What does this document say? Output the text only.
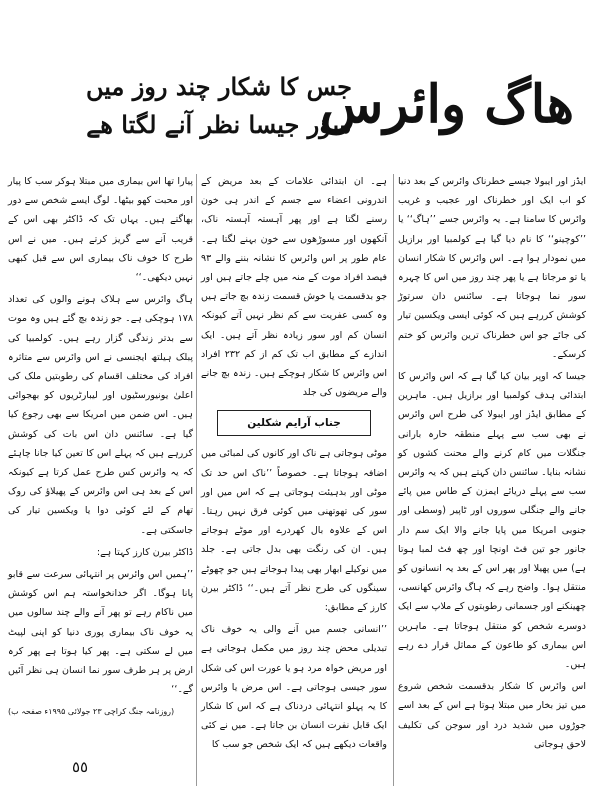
ھاگ وائرس
جس کا شکار چند روز میں
سؤر جیسا نظر آنے لگتا ھے

ایڈز اور ایبولا جیسے خطرناک وائرس کے بعد دنیا کو اب ایک اور خطرناک اور عجیب و غریب وائرس کا سامنا ہے۔ یہ وائرس جسے ’’ہاگ‘‘ یا ’’کوچینو‘‘ کا نام دیا گیا ہے کولمبیا اور برازیل میں نمودار ہوا ہے۔ اس وائرس کا شکار انسان یا تو مرجاتا ہے یا پھر چند روز میں اس کا چہرہ سور نما ہوجاتا ہے۔ سائنس دان سرتوڑ کوشش کررہے ہیں کہ کوئی ایسی ویکسین تیار کی جائے جو اس خطرناک ترین وائرس کو ختم کرسکے۔

جیسا کہ اوپر بیان کیا گیا ہے کہ اس وائرس کا ابتدائی ہدف کولمبیا اور برازیل ہیں۔ ماہرین کے مطابق ایڈز اور ایبولا کی طرح اس وائرس نے بھی سب سے پہلے منطقہ حارہ بارانی جنگلات میں کام کرنے والے محنت کشوں کو نشانہ بنایا۔ سائنس دان کہتے ہیں کہ یہ وائرس سب سے پہلے دریائے ایمزن کے طاس میں پائے جانے والے جنگلی سوروں اور ٹاپیر (وسطی اور جنوبی امریکا میں پایا جانے والا ایک سم دار جانور جو تین فٹ اونچا اور چھ فٹ لمبا ہوتا ہے) میں پھیلا اور پھر اس کے بعد یہ انسانوں کو منتقل ہوا۔ واضح رہے کہ ہاگ وائرس کھانسی، چھینکنے اور جسمانی رطوبتوں کے ملاپ سے ایک دوسرے شخص کو منتقل ہوجاتا ہے۔ ماہرین اس بیماری کو طاعون کے مماثل قرار دے رہے ہیں۔

اس وائرس کا شکار بدقسمت شخص شروع میں تیز بخار میں مبتلا ہوتا ہے اس کے بعد اسے جوڑوں میں شدید درد اور سوجن کی تکلیف لاحق ہوجاتی

ہے۔ ان ابتدائی علامات کے بعد مریض کے اندرونی اعضاء سے جسم کے اندر ہی خون رسنے لگتا ہے اور پھر آہستہ آہستہ ناک، آنکھوں اور مسوڑھوں سے خون بہنے لگتا ہے۔ عام طور پر اس وائرس کا نشانہ بننے والے ۹۳ فیصد افراد موت کے منہ میں چلے جاتے ہیں اور جو بدقسمت یا خوش قسمت زندہ بچ جاتے ہیں وہ کسی عفریت سے کم نظر نہیں آتے کیونکہ انسان کم اور سور زیادہ نظر آتے ہیں۔ ایک اندازے کے مطابق اب تک کم از کم ۲۳۲ افراد اس وائرس کا شکار ہوچکے ہیں۔ زندہ بچ جانے والے مریضوں کی جلد

جناب آرایم شکلین

موٹی ہوجاتی ہے ناک اور کانوں کی لمبائی میں اضافہ ہوجاتا ہے۔ خصوصاً ’’ناک اس حد تک موٹی اور بدہیئت ہوجاتی ہے کہ اس میں اور سور کی تھوتھنی میں کوئی فرق نہیں رہتا۔ اس کے علاوہ بال کھردرے اور موٹے ہوجاتے ہیں۔ ان کی رنگت بھی بدل جاتی ہے۔ جلد میں نوکیلے ابھار بھی پیدا ہوجاتے ہیں جو چھوٹے سینگوں کی طرح نظر آتے ہیں۔‘‘ ڈاکٹر بیرن کارز کے مطابق:

’’انسانی جسم میں آنے والی یہ خوف ناک تبدیلی محض چند روز میں مکمل ہوجاتی ہے اور مریض خواہ مرد ہو یا عورت اس کی شکل سور جیسی ہوجاتی ہے۔ اس مرض یا وائرس کا یہ پہلو انتہائی دردناک ہے کہ اس کا شکار ایک قابل نفرت انسان بن جاتا ہے۔ میں نے کئی واقعات دیکھے ہیں کہ ایک شخص جو سب کا

پیارا تھا اس بیماری میں مبتلا ہوکر سب کا پیار اور محبت کھو بیٹھا۔ لوگ ایسے شخص سے دور بھاگتے ہیں۔ یہاں تک کہ ڈاکٹر بھی اس کے قریب آنے سے گریز کرتے ہیں۔ میں نے اس طرح کا خوف ناک بیماری اس سے قبل کبھی نہیں دیکھی۔‘‘

ہاگ وائرس سے ہلاک ہونے والوں کی تعداد ۱۷۸ ہوچکی ہے۔ جو زندہ بچ گئے ہیں وہ موت سے بدتر زندگی گزار رہے ہیں۔ کولمبیا کی پبلک ہیلتھ ایجنسی نے اس وائرس سے متاثرہ افراد کی مختلف اقسام کی رطوبتیں ملک کی اعلیٰ یونیورسٹیوں اور لیبارٹریوں کو بھجوائی ہیں۔ اس ضمن میں امریکا سے بھی رجوع کیا گیا ہے۔ سائنس دان اس بات کی کوشش کررہے ہیں کہ پہلے اس کا تعین کیا جانا چاہئے کہ یہ وائرس کس طرح عمل کرتا ہے کیونکہ اس کے بعد ہی اس وائرس کے پھیلاؤ کی روک تھام کے لئے کوئی دوا یا ویکسین تیار کی جاسکتی ہے۔

ڈاکٹر بیرن کارز کہتا ہے:

’’ہمیں اس وائرس پر انتہائی سرعت سے قابو پانا ہوگا۔ اگر خدانخواستہ ہم اس کوشش میں ناکام رہے تو پھر آنے والے چند سالوں میں یہ خوف ناک بیماری پوری دنیا کو اپنی لپیٹ میں لے سکتی ہے۔ پھر کیا ہوتا ہے پھر کرہ ارض پر ہر طرف سور نما انسان ہی نظر آئیں گے۔‘‘

(روزنامہ جنگ کراچی ۲۳ جولائی ۱۹۹۵ء صفحہ ب)

٥٥
